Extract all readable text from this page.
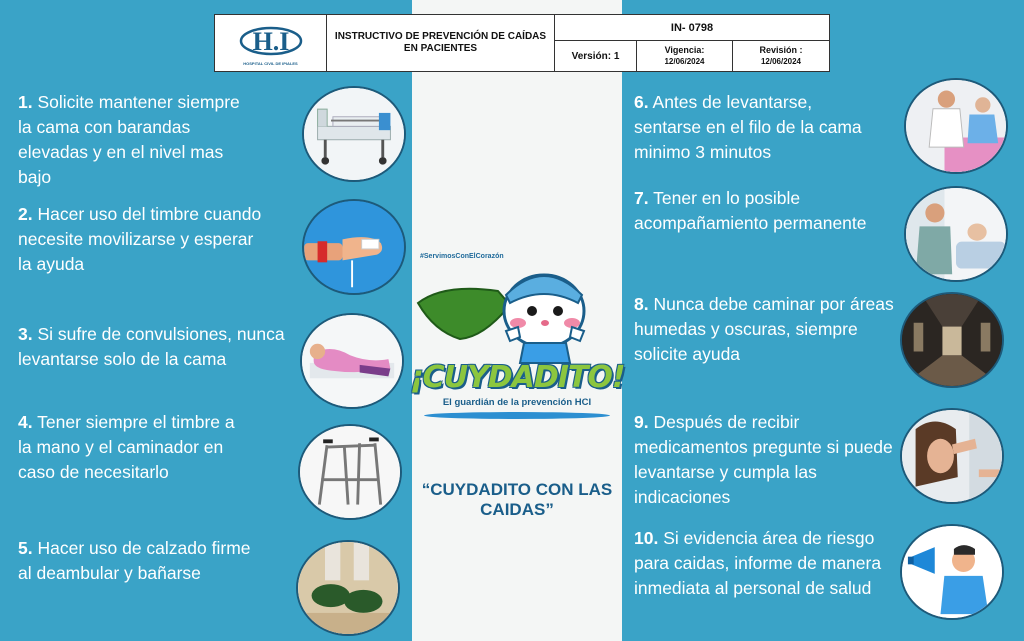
H.I
HOSPITAL CIVIL DE IPIALES
INSTRUCTIVO DE PREVENCIÓN DE CAÍDAS EN PACIENTES
IN- 0798
Versión: 1
Vigencia:
12/06/2024
Revisión :
12/06/2024
1. Solicite mantener siempre la cama con barandas elevadas y en el nivel mas bajo
2. Hacer uso del timbre cuando necesite movilizarse y esperar la ayuda
3. Si sufre de convulsiones, nunca levantarse solo de la cama
4. Tener siempre el timbre a la mano y el caminador en caso de necesitarlo
5. Hacer uso de calzado firme al deambular y bañarse
6. Antes de levantarse, sentarse en el filo de la cama minimo 3 minutos
7. Tener en lo posible acompañamiento permanente
8. Nunca debe caminar por áreas humedas y oscuras, siempre solicite ayuda
9. Después de recibir medicamentos pregunte si puede levantarse y cumpla las indicaciones
10. Si evidencia área de riesgo para caidas, informe de manera inmediata al personal de salud
#ServimosConElCorazón
¡CUYDADITO!
El guardián de la prevención HCI
“CUYDADITO CON LAS CAIDAS”
